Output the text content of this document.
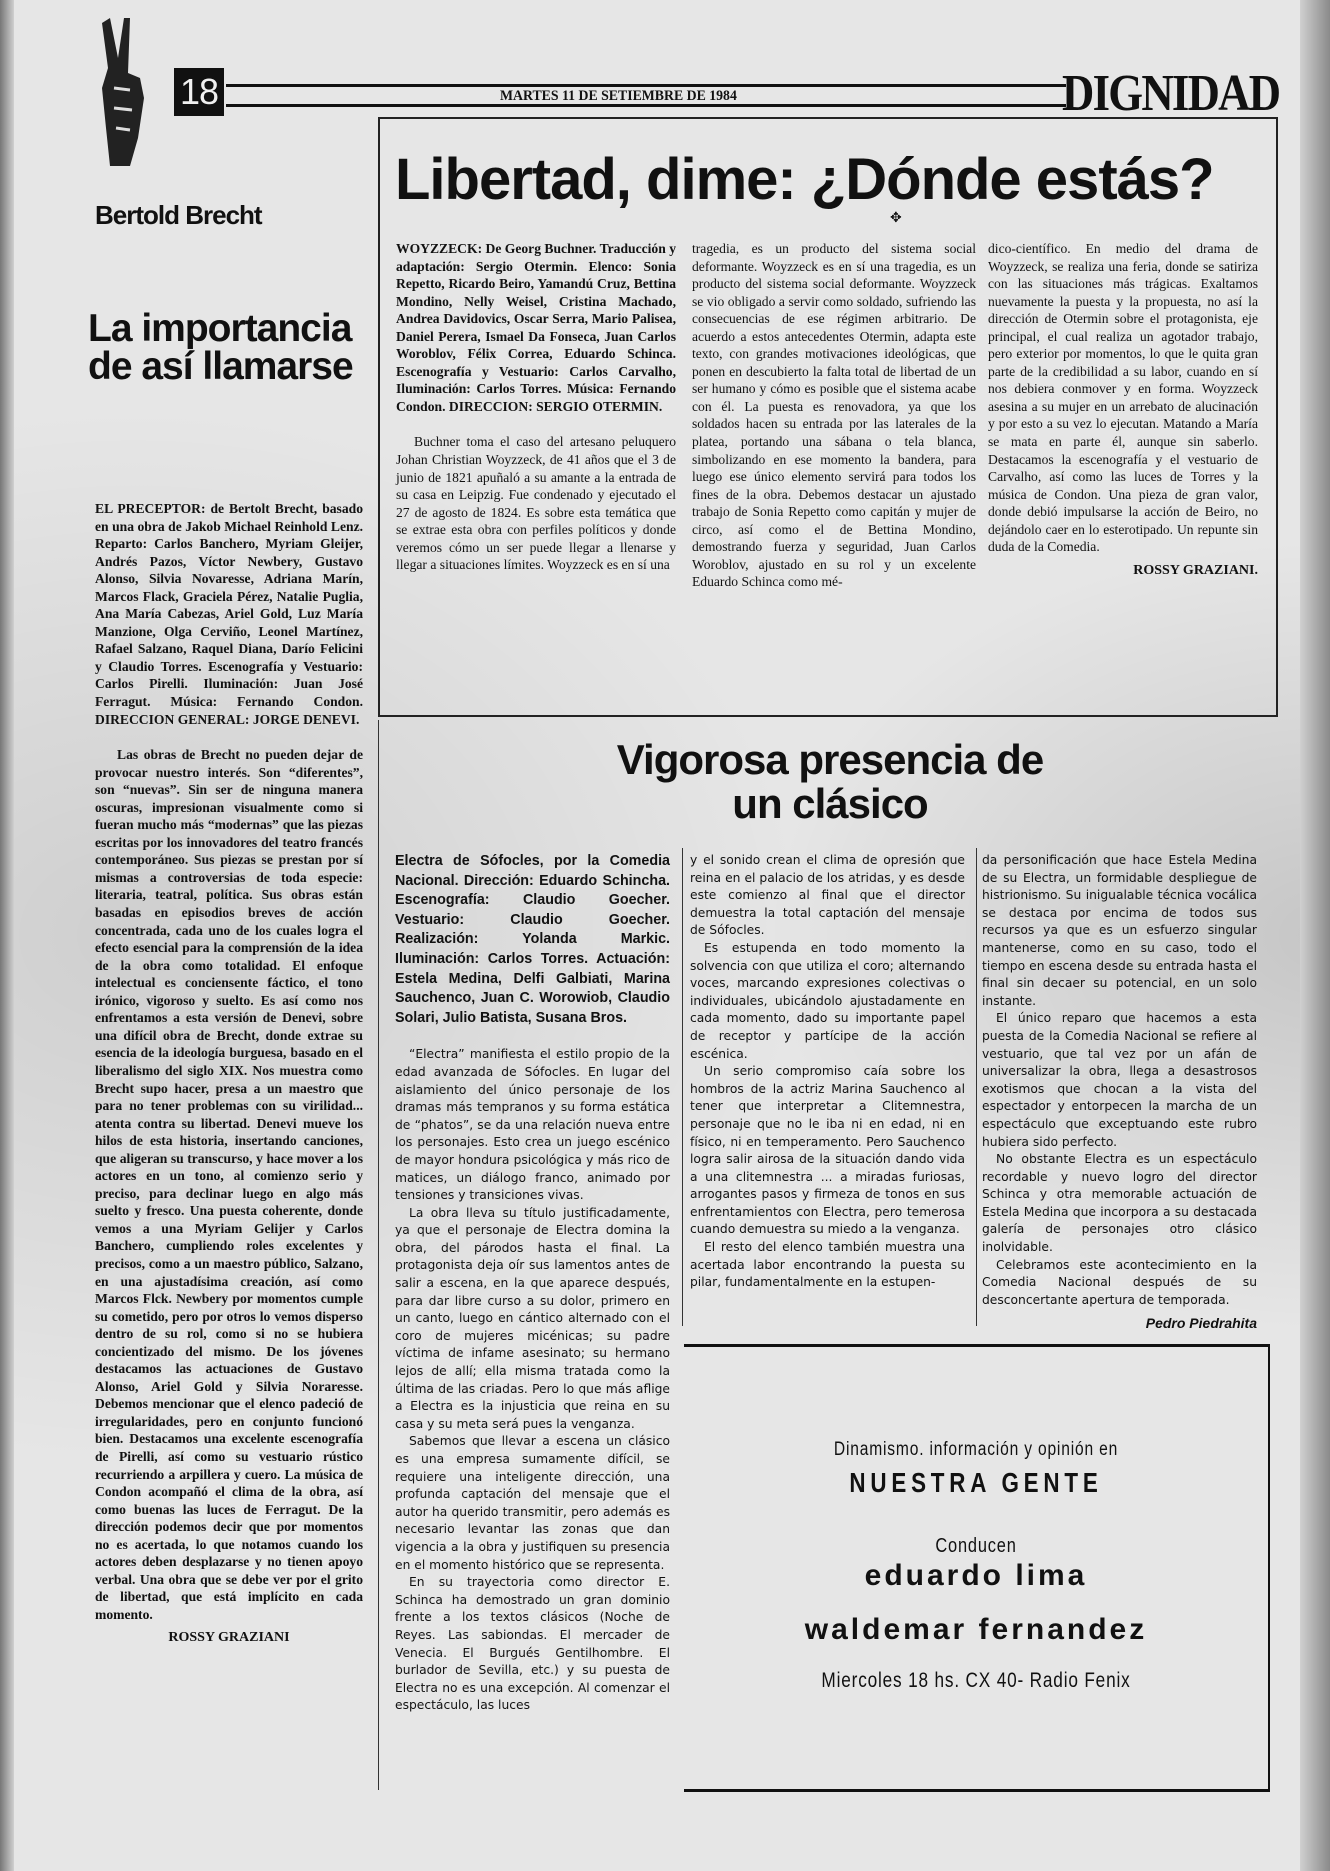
18	MARTES 11 DE SETIEMBRE DE 1984	DIGNIDAD
Bertold Brecht
La importancia de así llamarse

EL PRECEPTOR: de Bertolt Brecht, basado en una obra de Jakob Michael Reinhold Lenz. Reparto: Carlos Banchero, Myriam Gleijer, Andrés Pazos, Víctor Newbery, Gustavo Alonso, Silvia Novaresse, Adriana Marín, Marcos Flack, Graciela Pérez, Natalie Puglia, Ana María Cabezas, Ariel Gold, Luz María Manzione, Olga Cerviño, Leonel Martínez, Rafael Salzano, Raquel Diana, Darío Felicini y Claudio Torres. Escenografía y Vestuario: Carlos Pirelli. Iluminación: Juan José Ferragut. Música: Fernando Condon. DIRECCION GENERAL: JORGE DENEVI.

Las obras de Brecht no pueden dejar de provocar nuestro interés. Son “diferentes”, son “nuevas”. Sin ser de ninguna manera oscuras, impresionan visualmente como si fueran mucho más “modernas” que las piezas escritas por los innovadores del teatro francés contemporáneo. Sus piezas se prestan por sí mismas a controversias de toda especie: literaria, teatral, política. Sus obras están basadas en episodios breves de acción concentrada, cada uno de los cuales logra el efecto esencial para la comprensión de la idea de la obra como totalidad. El enfoque intelectual es conciensente fáctico, el tono irónico, vigoroso y suelto. Es así como nos enfrentamos a esta versión de Denevi, sobre una difícil obra de Brecht, donde extrae su esencia de la ideología burguesa, basado en el liberalismo del siglo XIX. Nos muestra como Brecht supo hacer, presa a un maestro que para no tener problemas con su virilidad... atenta contra su libertad. Denevi mueve los hilos de esta historia, insertando canciones, que aligeran su transcurso, y hace mover a los actores en un tono, al comienzo serio y preciso, para declinar luego en algo más suelto y fresco. Una puesta coherente, donde vemos a una Myriam Gelijer y Carlos Banchero, cumpliendo roles excelentes y precisos, como a un maestro público, Salzano, en una ajustadísima creación, así como Marcos Flck. Newbery por momentos cumple su cometido, pero por otros lo vemos disperso dentro de su rol, como si no se hubiera concientizado del mismo. De los jóvenes destacamos las actuaciones de Gustavo Alonso, Ariel Gold y Silvia Noraresse. Debemos mencionar que el elenco padeció de irregularidades, pero en conjunto funcionó bien. Destacamos una excelente escenografía de Pirelli, así como su vestuario rústico recurriendo a arpillera y cuero. La música de Condon acompañó el clima de la obra, así como buenas las luces de Ferragut. De la dirección podemos decir que por momentos no es acertada, lo que notamos cuando los actores deben desplazarse y no tienen apoyo verbal. Una obra que se debe ver por el grito de libertad, que está implícito en cada momento.

ROSSY GRAZIANI
Libertad, dime: ¿Dónde estás?
✥

WOYZZECK: De Georg Buchner. Traducción y adaptación: Sergio Otermin. Elenco: Sonia Repetto, Ricardo Beiro, Yamandú Cruz, Bettina Mondino, Nelly Weisel, Cristina Machado, Andrea Davidovics, Oscar Serra, Mario Palisea, Daniel Perera, Ismael Da Fonseca, Juan Carlos Woroblov, Félix Correa, Eduardo Schinca. Escenografía y Vestuario: Carlos Carvalho, Iluminación: Carlos Torres. Música: Fernando Condon. DIRECCION: SERGIO OTERMIN.

Buchner toma el caso del artesano peluquero Johan Christian Woyzzeck, de 41 años que el 3 de junio de 1821 apuñaló a su amante a la entrada de su casa en Leipzig. Fue condenado y ejecutado el 27 de agosto de 1824. Es sobre esta temática que se extrae esta obra con perfiles políticos y donde veremos cómo un ser puede llegar a llenarse y llegar a situaciones límites. Woyzzeck es en sí una

tragedia, es un producto del sistema social deformante. Woyzzeck es en sí una tragedia, es un producto del sistema social deformante. Woyzzeck se vio obligado a servir como soldado, sufriendo las consecuencias de ese régimen arbitrario. De acuerdo a estos antecedentes Otermin, adapta este texto, con grandes motivaciones ideológicas, que ponen en descubierto la falta total de libertad de un ser humano y cómo es posible que el sistema acabe con él. La puesta es renovadora, ya que los soldados hacen su entrada por las laterales de la platea, portando una sábana o tela blanca, simbolizando en ese momento la bandera, para luego ese único elemento servirá para todos los fines de la obra. Debemos destacar un ajustado trabajo de Sonia Repetto como capitán y mujer de circo, así como el de Bettina Mondino, demostrando fuerza y seguridad, Juan Carlos Woroblov, ajustado en su rol y un excelente Eduardo Schinca como mé-

dico-científico. En medio del drama de Woyzzeck, se realiza una feria, donde se satiriza con las situaciones más trágicas. Exaltamos nuevamente la puesta y la propuesta, no así la dirección de Otermin sobre el protagonista, eje principal, el cual realiza un agotador trabajo, pero exterior por momentos, lo que le quita gran parte de la credibilidad a su labor, cuando en sí nos debiera conmover y en forma. Woyzzeck asesina a su mujer en un arrebato de alucinación y por esto a su vez lo ejecutan. Matando a María se mata en parte él, aunque sin saberlo. Destacamos la escenografía y el vestuario de Carvalho, así como las luces de Torres y la música de Condon. Una pieza de gran valor, donde debió impulsarse la acción de Beiro, no dejándolo caer en lo esterotipado. Un repunte sin duda de la Comedia.

ROSSY GRAZIANI.
Vigorosa presencia de un clásico

Electra de Sófocles, por la Comedia Nacional. Dirección: Eduardo Schincha. Escenografía: Claudio Goecher. Vestuario: Claudio Goecher. Realización: Yolanda Markic. Iluminación: Carlos Torres. Actuación: Estela Medina, Delfi Galbiati, Marina Sauchenco, Juan C. Worowiob, Claudio Solari, Julio Batista, Susana Bros.

“Electra” manifiesta el estilo propio de la edad avanzada de Sófocles. En lugar del aislamiento del único personaje de los dramas más tempranos y su forma estática de “phatos”, se da una relación nueva entre los personajes. Esto crea un juego escénico de mayor hondura psicológica y más rico de matices, un diálogo franco, animado por tensiones y transiciones vivas.

La obra lleva su título justificadamente, ya que el personaje de Electra domina la obra, del párodos hasta el final. La protagonista deja oír sus lamentos antes de salir a escena, en la que aparece después, para dar libre curso a su dolor, primero en un canto, luego en cántico alternado con el coro de mujeres micénicas; su padre víctima de infame asesinato; su hermano lejos de allí; ella misma tratada como la última de las criadas. Pero lo que más aflige a Electra es la injusticia que reina en su casa y su meta será pues la venganza.

Sabemos que llevar a escena un clásico es una empresa sumamente difícil, se requiere una inteligente dirección, una profunda captación del mensaje que el autor ha querido transmitir, pero además es necesario levantar las zonas que dan vigencia a la obra y justifiquen su presencia en el momento histórico que se representa.

En su trayectoria como director E. Schinca ha demostrado un gran dominio frente a los textos clásicos (Noche de Reyes. Las sabiondas. El mercader de Venecia. El Burgués Gentilhombre. El burlador de Sevilla, etc.) y su puesta de Electra no es una excepción. Al comenzar el espectáculo, las luces

y el sonido crean el clima de opresión que reina en el palacio de los atridas, y es desde este comienzo al final que el director demuestra la total captación del mensaje de Sófocles.

Es estupenda en todo momento la solvencia con que utiliza el coro; alternando voces, marcando expresiones colectivas o individuales, ubicándolo ajustadamente en cada momento, dado su importante papel de receptor y partícipe de la acción escénica.

Un serio compromiso caía sobre los hombros de la actriz Marina Sauchenco al tener que interpretar a Clitemnestra, personaje que no le iba ni en edad, ni en físico, ni en temperamento. Pero Sauchenco logra salir airosa de la situación dando vida a una clitemnestra ... a miradas furiosas, arrogantes pasos y firmeza de tonos en sus enfrentamientos con Electra, pero temerosa cuando demuestra su miedo a la venganza.

El resto del elenco también muestra una acertada labor encontrando la puesta su pilar, fundamentalmente en la estupen-

da personificación que hace Estela Medina de su Electra, un formidable despliegue de histrionismo. Su inigualable técnica vocálica se destaca por encima de todos sus recursos ya que es un esfuerzo singular mantenerse, como en su caso, todo el tiempo en escena desde su entrada hasta el final sin decaer su potencial, en un solo instante.

El único reparo que hacemos a esta puesta de la Comedia Nacional se refiere al vestuario, que tal vez por un afán de universalizar la obra, llega a desastrosos exotismos que chocan a la vista del espectador y entorpecen la marcha de un espectáculo que exceptuando este rubro hubiera sido perfecto.

No obstante Electra es un espectáculo recordable y nuevo logro del director Schinca y otra memorable actuación de Estela Medina que incorpora a su destacada galería de personajes otro clásico inolvidable.

Celebramos este acontecimiento en la Comedia Nacional después de su desconcertante apertura de temporada.

Pedro Piedrahita
Dinamismo. información y opinión en
NUESTRA GENTE
Conducen
eduardo lima
waldemar fernandez
Miercoles 18 hs. CX 40- Radio Fenix
